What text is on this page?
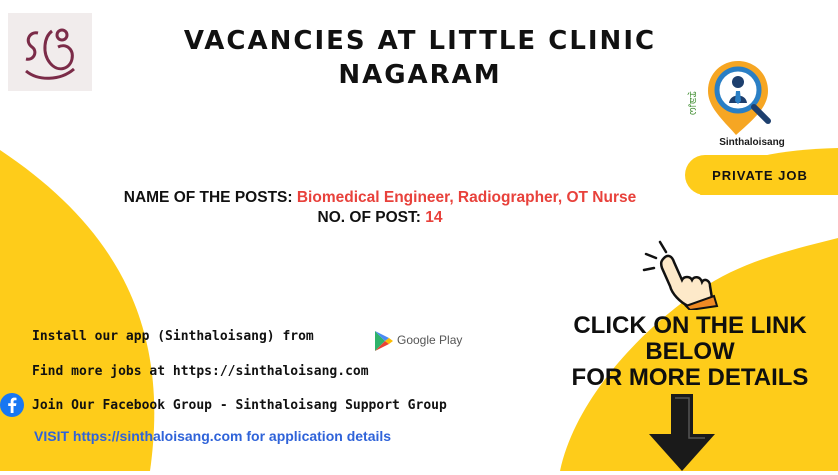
VACANCIES AT LITTLE CLINIC NAGARAM
ꯁꯤꯟꯊꯥ
Sinthaloisang
PRIVATE JOB
NAME OF THE POSTS: Biomedical Engineer, Radiographer, OT Nurse
NO. OF POST: 14
CLICK ON THE LINK
BELOW
FOR MORE DETAILS
Install our app (Sinthaloisang) from	Google Play
Find more jobs at https://sinthaloisang.com
Join Our Facebook Group - Sinthaloisang Support Group
VISIT https://sinthaloisang.com for application details
